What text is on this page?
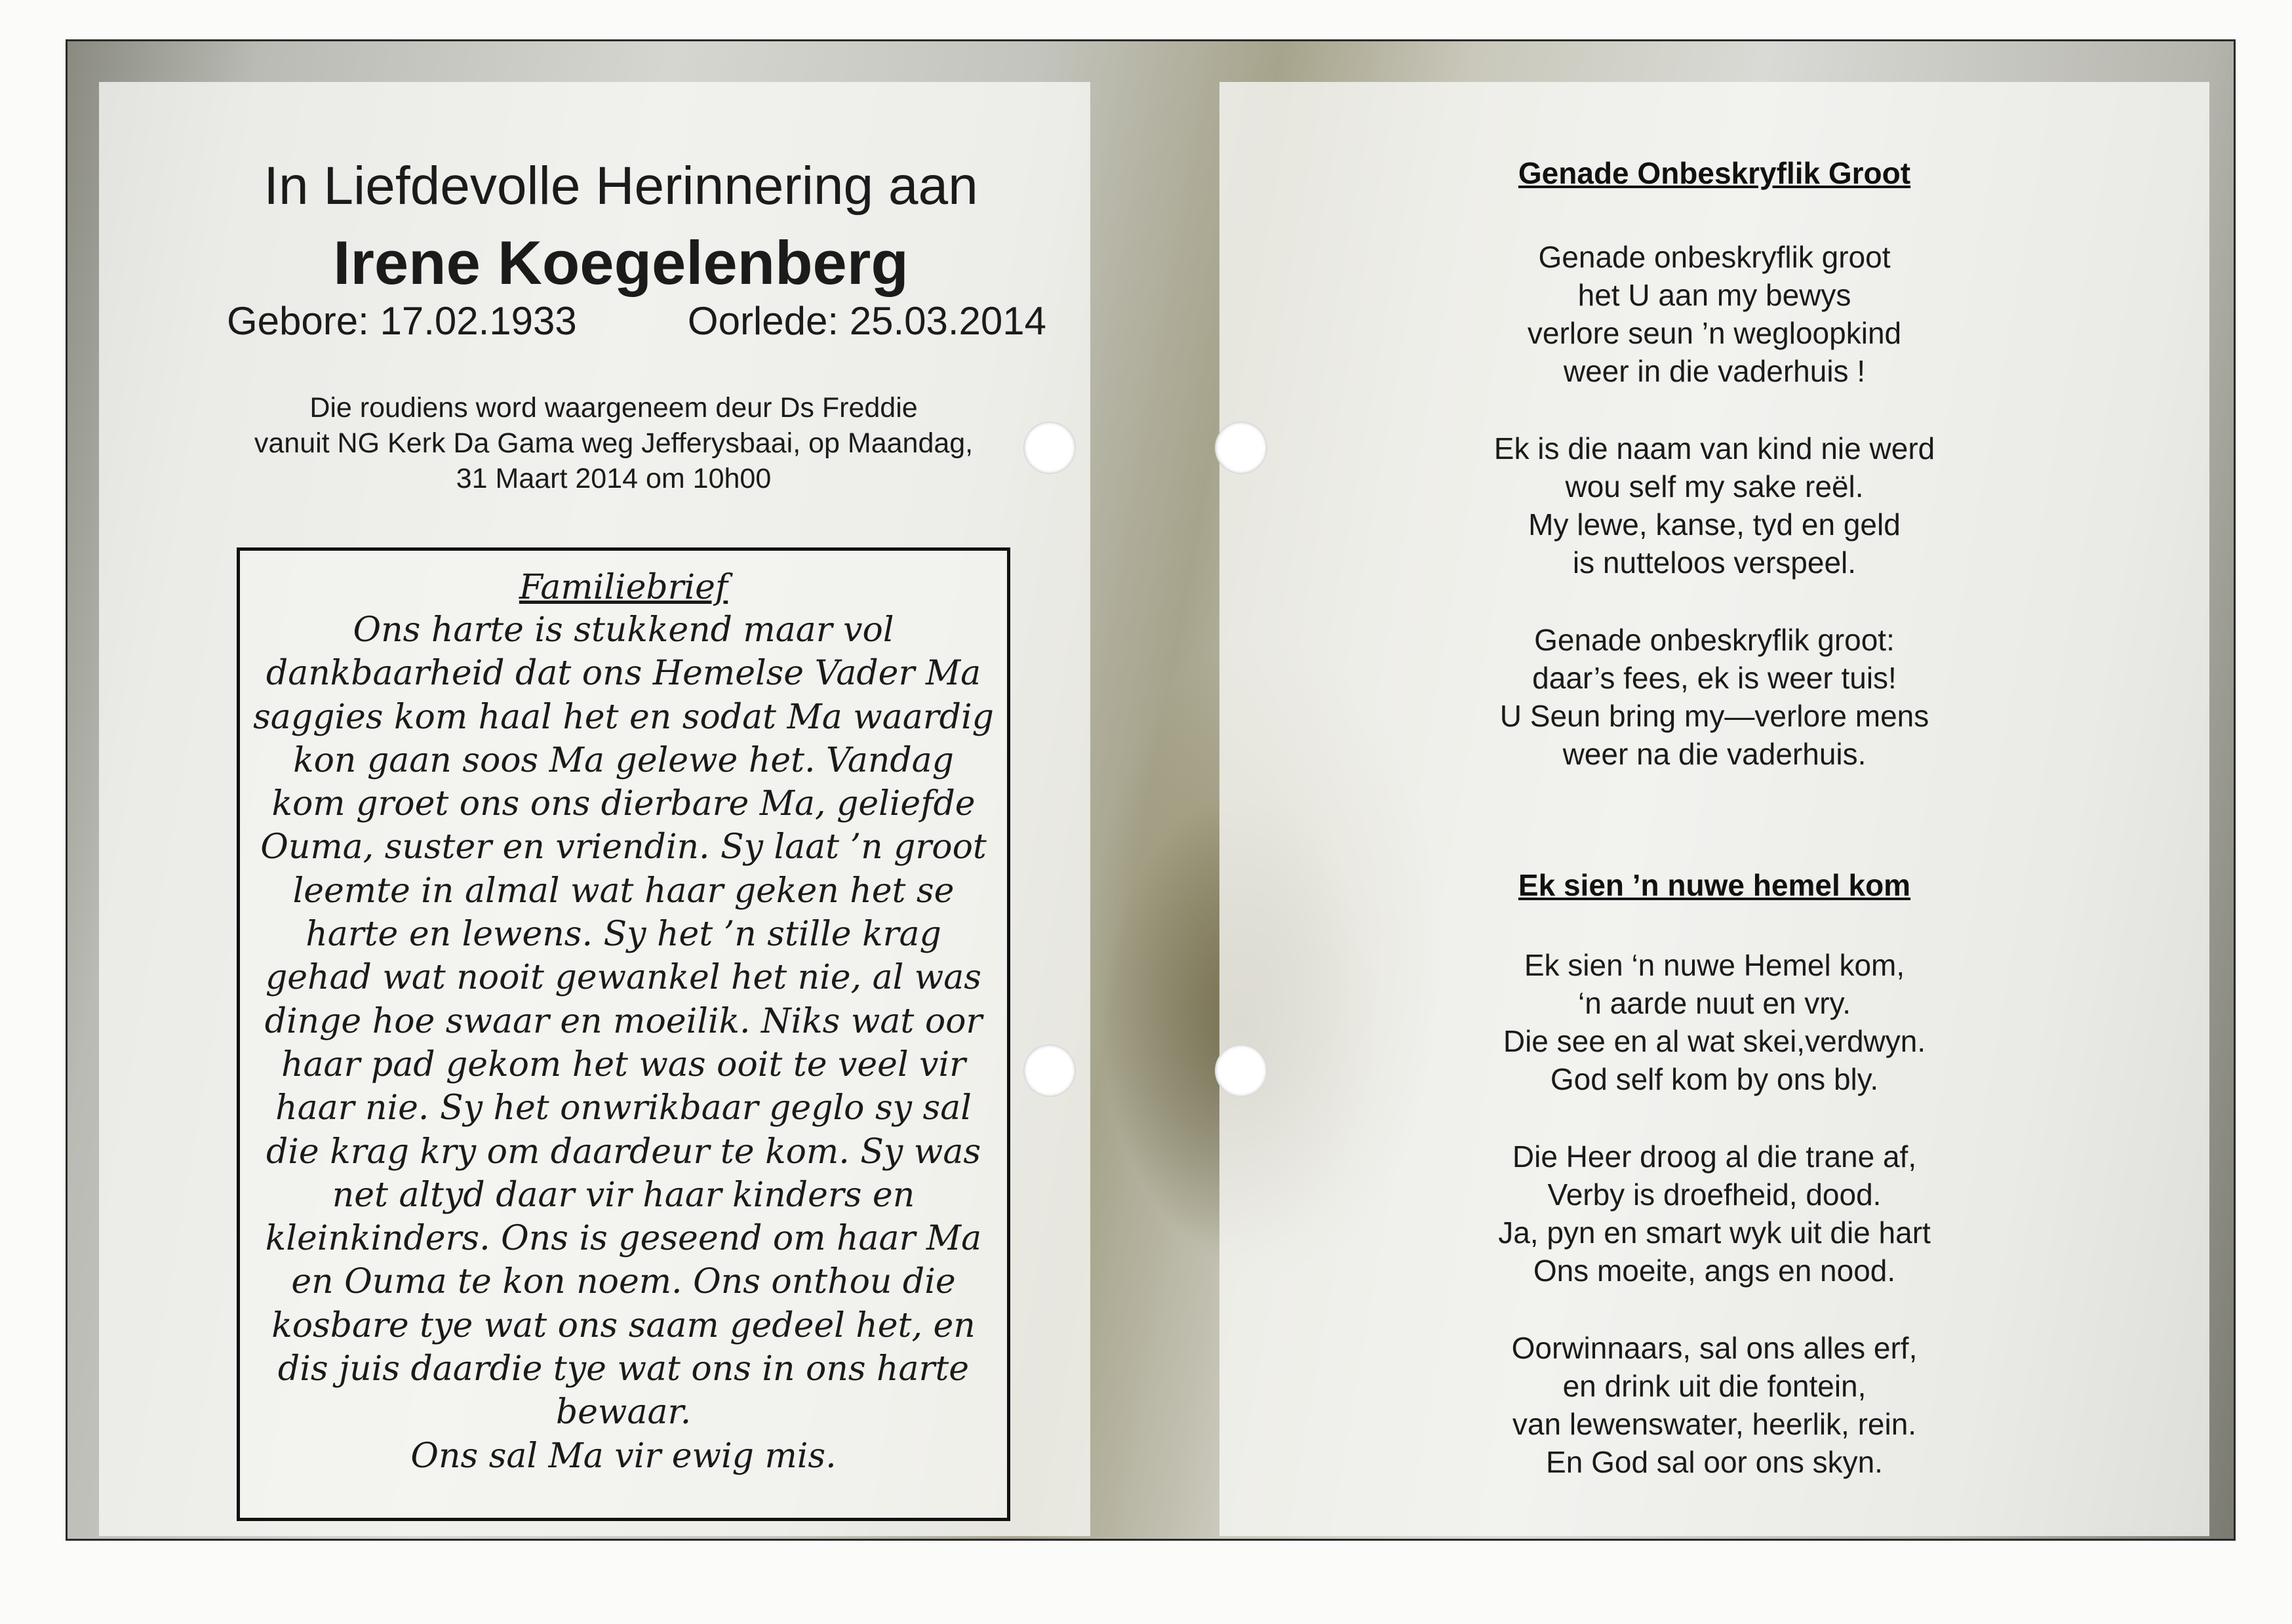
In Liefdevolle Herinnering aan
Irene Koegelenberg
Gebore: 17.02.1933	Oorlede: 25.03.2014
Die roudiens word waargeneem deur Ds Freddie
vanuit NG Kerk Da Gama weg Jefferysbaai, op Maandag,
31 Maart 2014 om 10h00
Familiebrief
Ons harte is stukkend maar vol
dankbaarheid dat ons Hemelse Vader Ma
saggies kom haal het en sodat Ma waardig
kon gaan soos Ma gelewe het. Vandag
kom groet ons ons dierbare Ma, geliefde
Ouma, suster en vriendin. Sy laat ’n groot
leemte in almal wat haar geken het se
harte en lewens. Sy het ’n stille krag
gehad wat nooit gewankel het nie, al was
dinge hoe swaar en moeilik. Niks wat oor
haar pad gekom het was ooit te veel vir
haar nie. Sy het onwrikbaar geglo sy sal
die krag kry om daardeur te kom. Sy was
net altyd daar vir haar kinders en
kleinkinders. Ons is geseend om haar Ma
en Ouma te kon noem. Ons onthou die
kosbare tye wat ons saam gedeel het, en
dis juis daardie tye wat ons in ons harte
bewaar.
Ons sal Ma vir ewig mis.
Genade Onbeskryflik Groot
Genade onbeskryflik groot
het U aan my bewys
verlore seun ’n wegloopkind
weer in die vaderhuis !
Ek is die naam van kind nie werd
wou self my sake reël.
My lewe, kanse, tyd en geld
is nutteloos verspeel.
Genade onbeskryflik groot:
daar’s fees, ek is weer tuis!
U Seun bring my—verlore mens
weer na die vaderhuis.
Ek sien ’n nuwe hemel kom
Ek sien ‘n nuwe Hemel kom,
‘n aarde nuut en vry.
Die see en al wat skei,verdwyn.
God self kom by ons bly.
Die Heer droog al die trane af,
Verby is droefheid, dood.
Ja, pyn en smart wyk uit die hart
Ons moeite, angs en nood.
Oorwinnaars, sal ons alles erf,
en drink uit die fontein,
van lewenswater, heerlik, rein.
En God sal oor ons skyn.
